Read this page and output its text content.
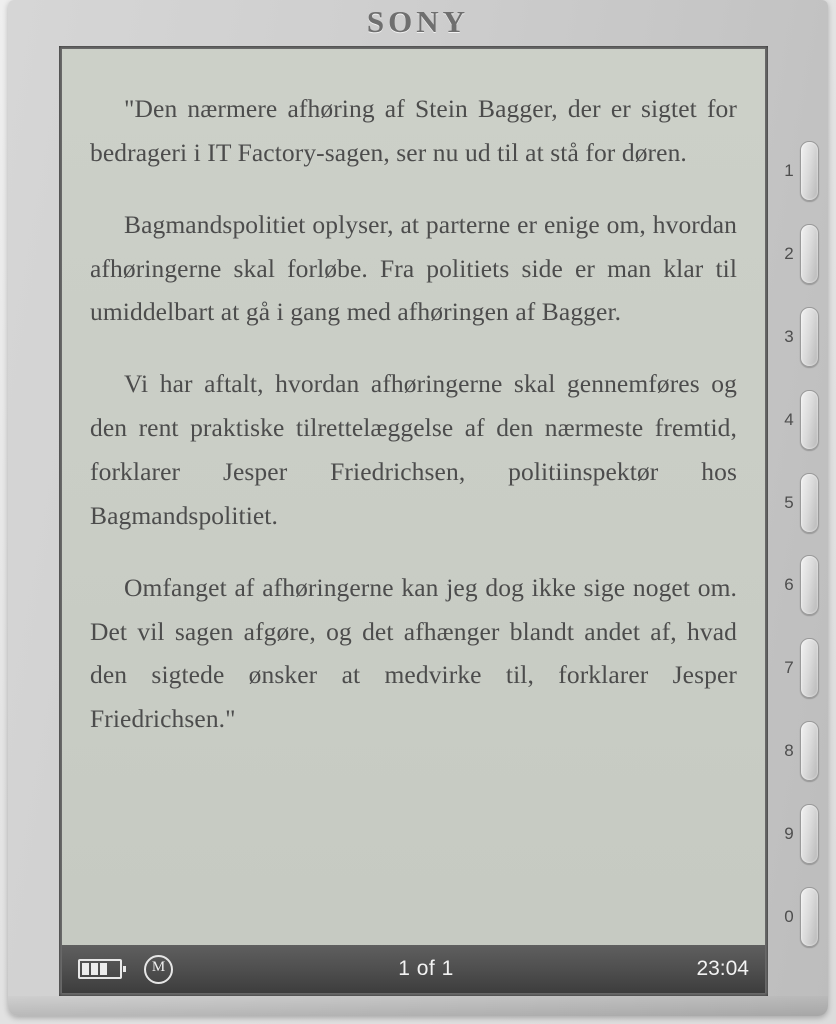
SONY

"Den nærmere afhøring af Stein Bagger, der er sigtet for bedrageri i IT Factory-sagen, ser nu ud til at stå for døren.

Bagmandspolitiet oplyser, at parterne er enige om, hvordan afhøringerne skal forløbe. Fra politiets side er man klar til umiddelbart at gå i gang med afhøringen af Bagger.

Vi har aftalt, hvordan afhøringerne skal gennemføres og den rent praktiske tilrettelæggelse af den nærmeste fremtid, forklarer Jesper Friedrichsen, politiinspektør hos Bagmandspolitiet.

Omfanget af afhøringerne kan jeg dog ikke sige noget om. Det vil sagen afgøre, og det afhænger blandt andet af, hvad den sigtede ønsker at medvirke til, forklarer Jesper Friedrichsen."

M	1 of 1	23:04
1
2
3
4
5
6
7
8
9
0
